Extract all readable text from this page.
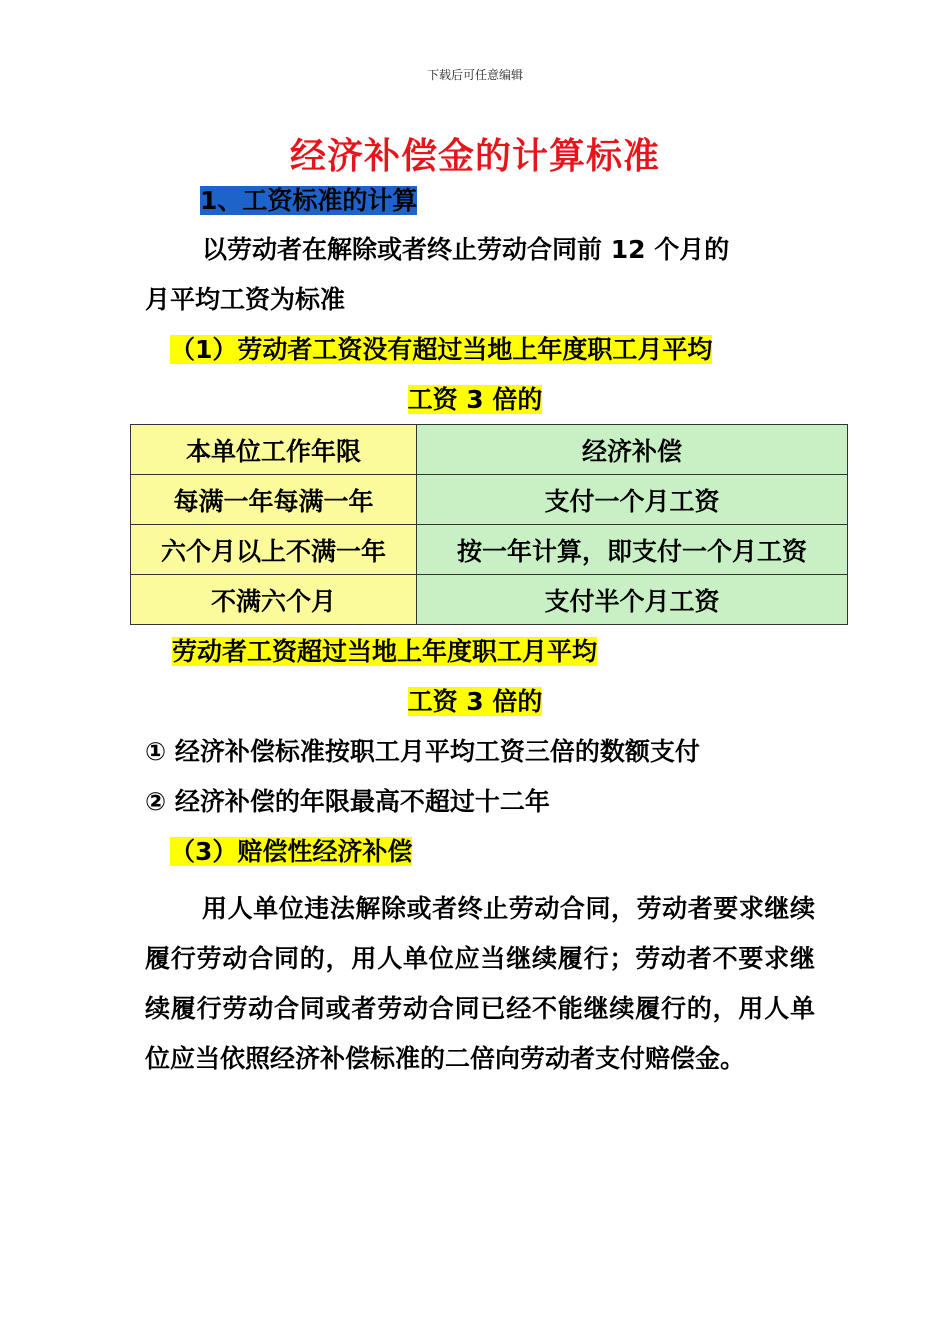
下载后可任意编辑
经济补偿金的计算标准
1、工资标准的计算
以劳动者在解除或者终止劳动合同前 12 个月的
月平均工资为标准
（1）劳动者工资没有超过当地上年度职工月平均
工资 3 倍的
本单位工作年限	经济补偿
每满一年每满一年	支付一个月工资
六个月以上不满一年	按一年计算，即支付一个月工资
不满六个月	支付半个月工资
劳动者工资超过当地上年度职工月平均
工资 3 倍的
① 经济补偿标准按职工月平均工资三倍的数额支付
② 经济补偿的年限最高不超过十二年
（3）赔偿性经济补偿
用人单位违法解除或者终止劳动合同，劳动者要求继续履行劳动合同的，用人单位应当继续履行；劳动者不要求继续履行劳动合同或者劳动合同已经不能继续履行的，用人单位应当依照经济补偿标准的二倍向劳动者支付赔偿金。
